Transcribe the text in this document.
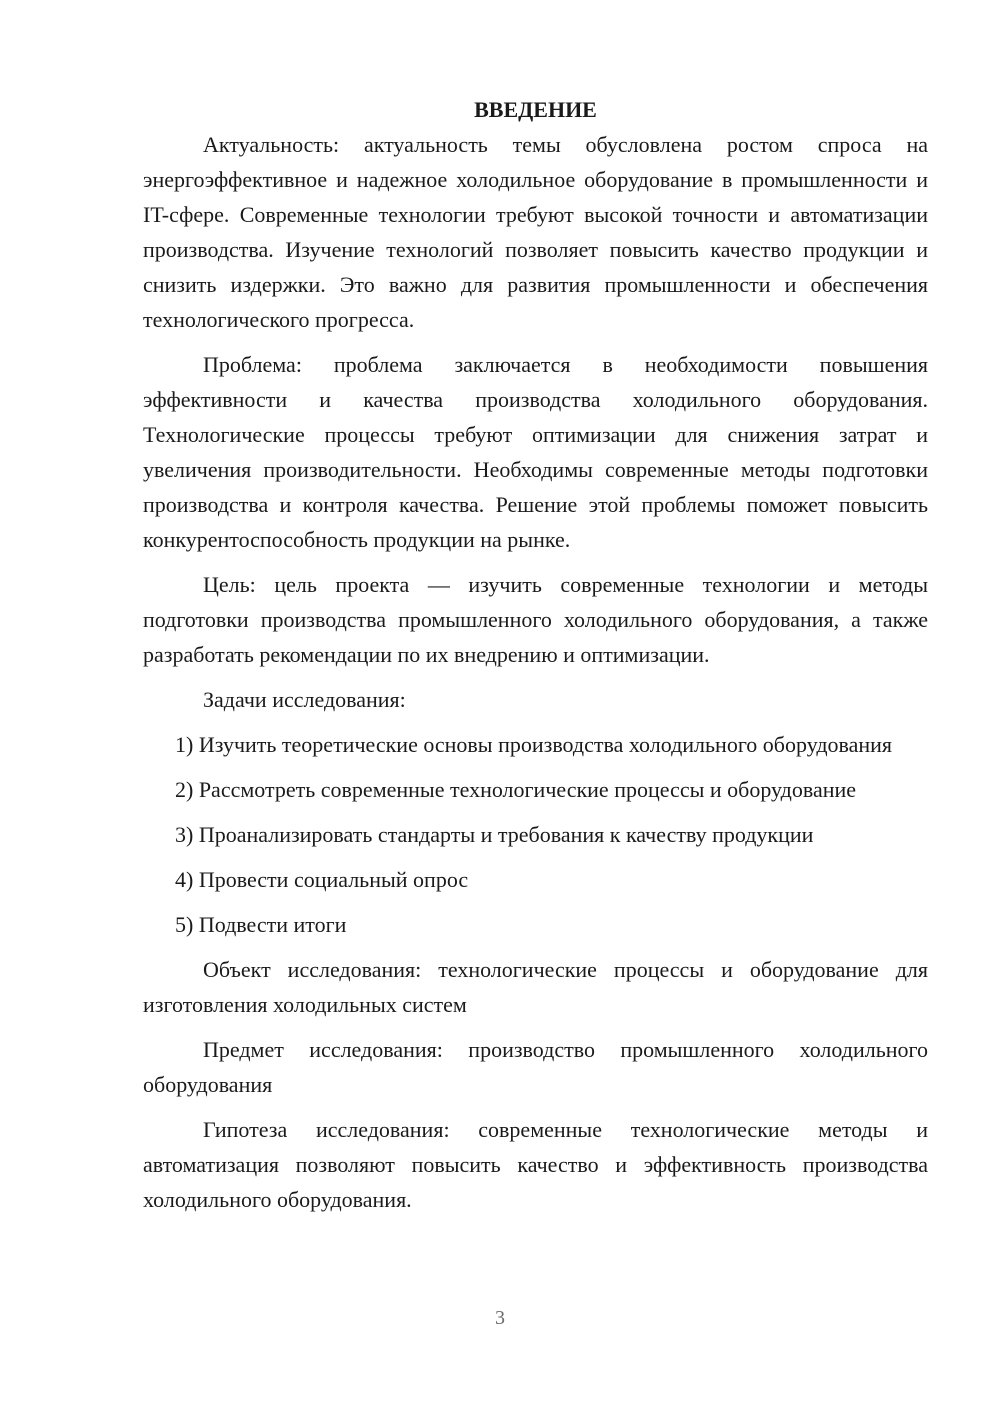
ВВЕДЕНИЕ

Актуальность: актуальность темы обусловлена ростом спроса на энергоэффективное и надежное холодильное оборудование в промышленности и IT-сфере. Современные технологии требуют высокой точности и автоматизации производства. Изучение технологий позволяет повысить качество продукции и снизить издержки. Это важно для развития промышленности и обеспечения технологического прогресса.

Проблема: проблема заключается в необходимости повышения эффективности и качества производства холодильного оборудования. Технологические процессы требуют оптимизации для снижения затрат и увеличения производительности. Необходимы современные методы подготовки производства и контроля качества. Решение этой проблемы поможет повысить конкурентоспособность продукции на рынке.

Цель: цель проекта — изучить современные технологии и методы подготовки производства промышленного холодильного оборудования, а также разработать рекомендации по их внедрению и оптимизации.

Задачи исследования:

1) Изучить теоретические основы производства холодильного оборудования

2) Рассмотреть современные технологические процессы и оборудование

3) Проанализировать стандарты и требования к качеству продукции

4) Провести социальный опрос

5) Подвести итоги

Объект исследования: технологические процессы и оборудование для изготовления холодильных систем

Предмет исследования: производство промышленного холодильного оборудования

Гипотеза исследования: современные технологические методы и автоматизация позволяют повысить качество и эффективность производства холодильного оборудования.

3
